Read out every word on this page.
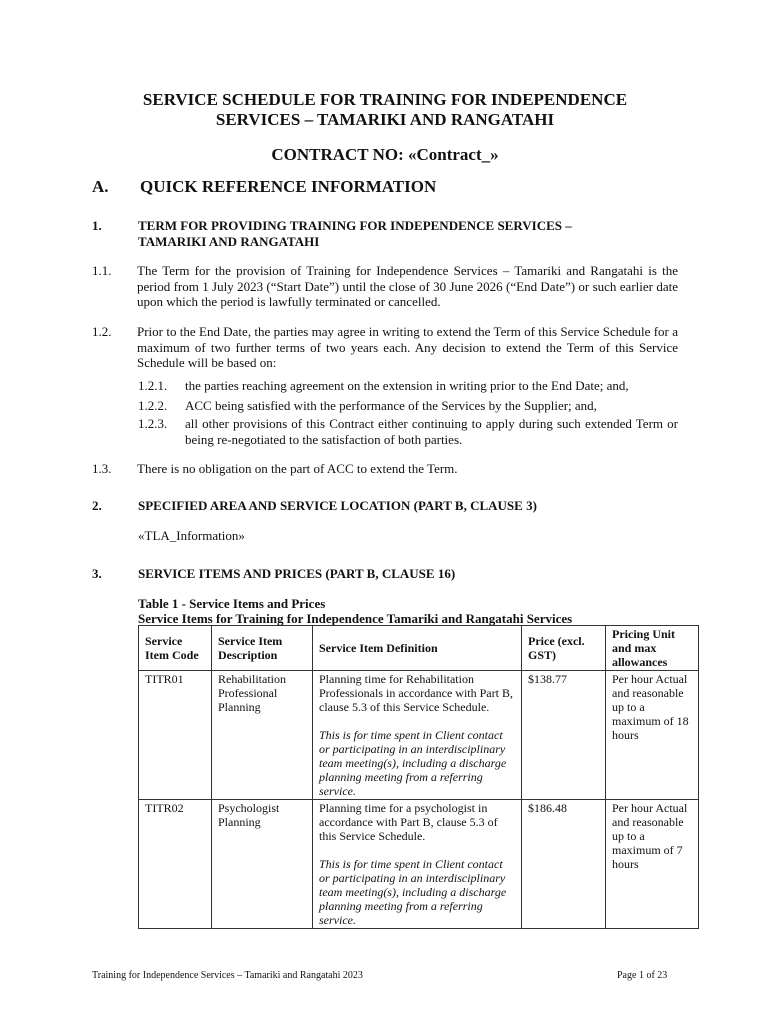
SERVICE SCHEDULE FOR TRAINING FOR INDEPENDENCE
SERVICES – TAMARIKI AND RANGATAHI
CONTRACT NO: «Contract_»
A. QUICK REFERENCE INFORMATION
1.	TERM FOR PROVIDING TRAINING FOR INDEPENDENCE SERVICES –
TAMARIKI AND RANGATAHI
1.1. The Term for the provision of Training for Independence Services – Tamariki and Rangatahi is the period from 1 July 2023 (“Start Date”) until the close of 30 June 2026 (“End Date”) or such earlier date upon which the period is lawfully terminated or cancelled.
1.2. Prior to the End Date, the parties may agree in writing to extend the Term of this Service Schedule for a maximum of two further terms of two years each. Any decision to extend the Term of this Service Schedule will be based on:
1.2.1. the parties reaching agreement on the extension in writing prior to the End Date; and,
1.2.2. ACC being satisfied with the performance of the Services by the Supplier; and,
1.2.3. all other provisions of this Contract either continuing to apply during such extended Term or being re-negotiated to the satisfaction of both parties.
1.3. There is no obligation on the part of ACC to extend the Term.
2.	SPECIFIED AREA AND SERVICE LOCATION (PART B, CLAUSE 3)
«TLA_Information»
3.	SERVICE ITEMS AND PRICES (PART B, CLAUSE 16)
Table 1 - Service Items and Prices
Service Items for Training for Independence Tamariki and Rangatahi Services
Service Item Code	Service Item Description	Service Item Definition	Price (excl. GST)	Pricing Unit and max allowances
TITR01	Rehabilitation Professional Planning	Planning time for Rehabilitation Professionals in accordance with Part B, clause 5.3 of this Service Schedule.
This is for time spent in Client contact or participating in an interdisciplinary team meeting(s), including a discharge planning meeting from a referring service.	$138.77	Per hour Actual and reasonable up to a maximum of 18 hours
TITR02	Psychologist Planning	Planning time for a psychologist in accordance with Part B, clause 5.3 of this Service Schedule.
This is for time spent in Client contact or participating in an interdisciplinary team meeting(s), including a discharge planning meeting from a referring service.	$186.48	Per hour Actual and reasonable up to a maximum of 7 hours
Training for Independence Services – Tamariki and Rangatahi 2023	Page 1 of 23
